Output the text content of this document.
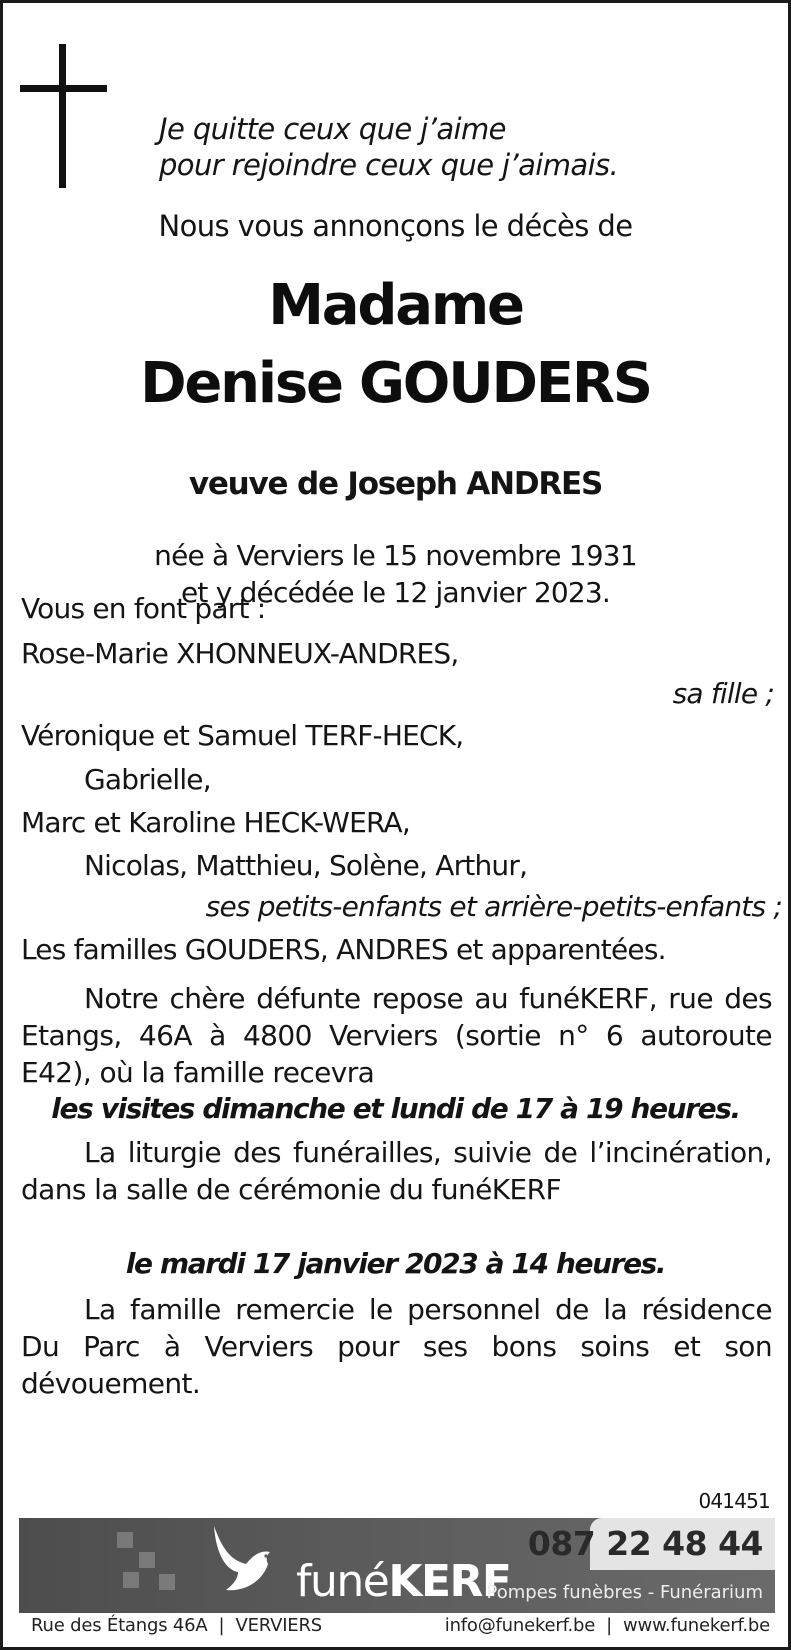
Je quitte ceux que j’aime
pour rejoindre ceux que j’aimais.
Nous vous annonçons le décès de
Madame
Denise GOUDERS
veuve de Joseph ANDRES
née à Verviers le 15 novembre 1931
et y décédée le 12 janvier 2023.
Vous en font part :
Rose-Marie XHONNEUX-ANDRES,
sa fille ;
Véronique et Samuel TERF-HECK,
Gabrielle,
Marc et Karoline HECK-WERA,
Nicolas, Matthieu, Solène, Arthur,
ses petits-enfants et arrière-petits-enfants ;
Les familles GOUDERS, ANDRES et apparentées.
Notre chère défunte repose au funéKERF, rue des Etangs, 46A à 4800 Verviers (sortie n° 6 autoroute E42), où la famille recevra
les visites dimanche et lundi de 17 à 19 heures.
La liturgie des funérailles, suivie de l’incinération, dans la salle de cérémonie du funéKERF
le mardi 17 janvier 2023 à 14 heures.
La famille remercie le personnel de la résidence Du Parc à Verviers pour ses bons soins et son dévouement.
041451
funéKERF
087 22 48 44
Pompes funèbres - Funérarium
Rue des Étangs 46A  |  VERVIERS	info@funekerf.be  |  www.funekerf.be
